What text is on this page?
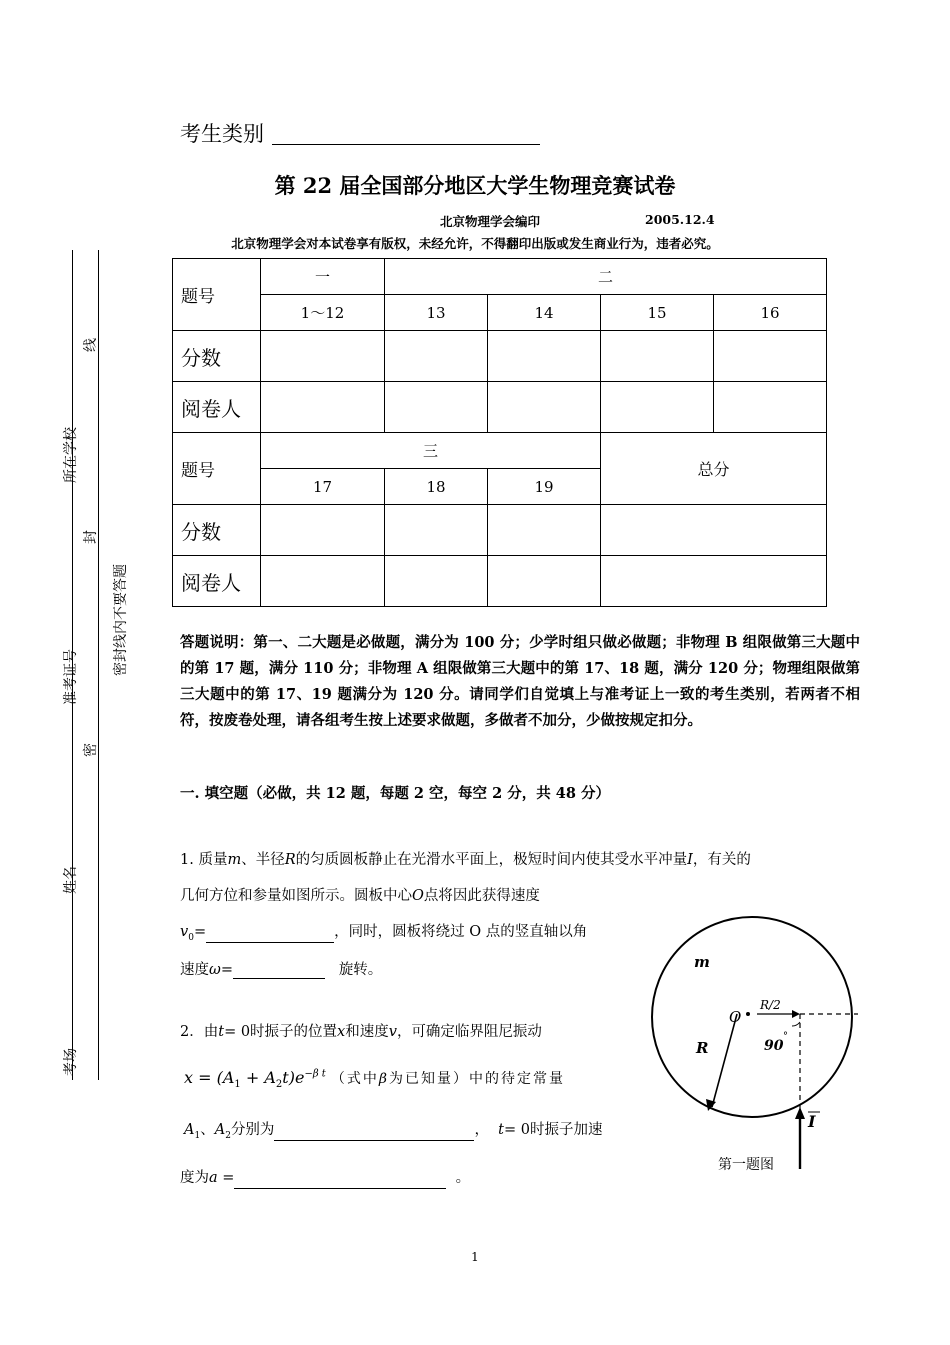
考生类别
第 22 届全国部分地区大学生物理竞赛试卷
北京物理学会编印	2005.12.4
北京物理学会对本试卷享有版权，未经允许，不得翻印出版或发生商业行为，违者必究。
所在学校
准考证号
姓名
考场
线
封
密封线内不要答题
密
题号	一	二			
	1～12	13	14	15	16
分数					
阅卷人					
题号	三			总分	
	17	18	19		
分数					
阅卷人					
答题说明：第一、二大题是必做题，满分为 100 分；少学时组只做必做题；非物理 B 组限做第三大题中的第 17 题，满分 110 分；非物理 A 组限做第三大题中的第 17、18 题，满分 120 分；物理组限做第三大题中的第 17、19 题满分为 120 分。请同学们自觉填上与准考证上一致的考生类别，若两者不相符，按废卷处理，请各组考生按上述要求做题，多做者不加分，少做按规定扣分。
一. 填空题（必做，共 12 题，每题 2 空，每空 2 分，共 48 分）
1. 质量m、半径R的匀质圆板静止在光滑水平面上，极短时间内使其受水平冲量I，有关的
几何方位和参量如图所示。圆板中心O点将因此获得速度
$v_0=$	，同时，圆板将绕过 O 点的竖直轴以角
速度ω=	旋转。
2．由t= 0时振子的位置x和速度v，可确定临界阻尼振动
$x = (A_1 + A_2t)e^{-\beta t}$ （式中β为已知量）中的待定常量
$A_1$、$A_2$分别为	， t= 0时振子加速
度为a =	。
m
O
R/2
R	90
°
I
第一题图
1
